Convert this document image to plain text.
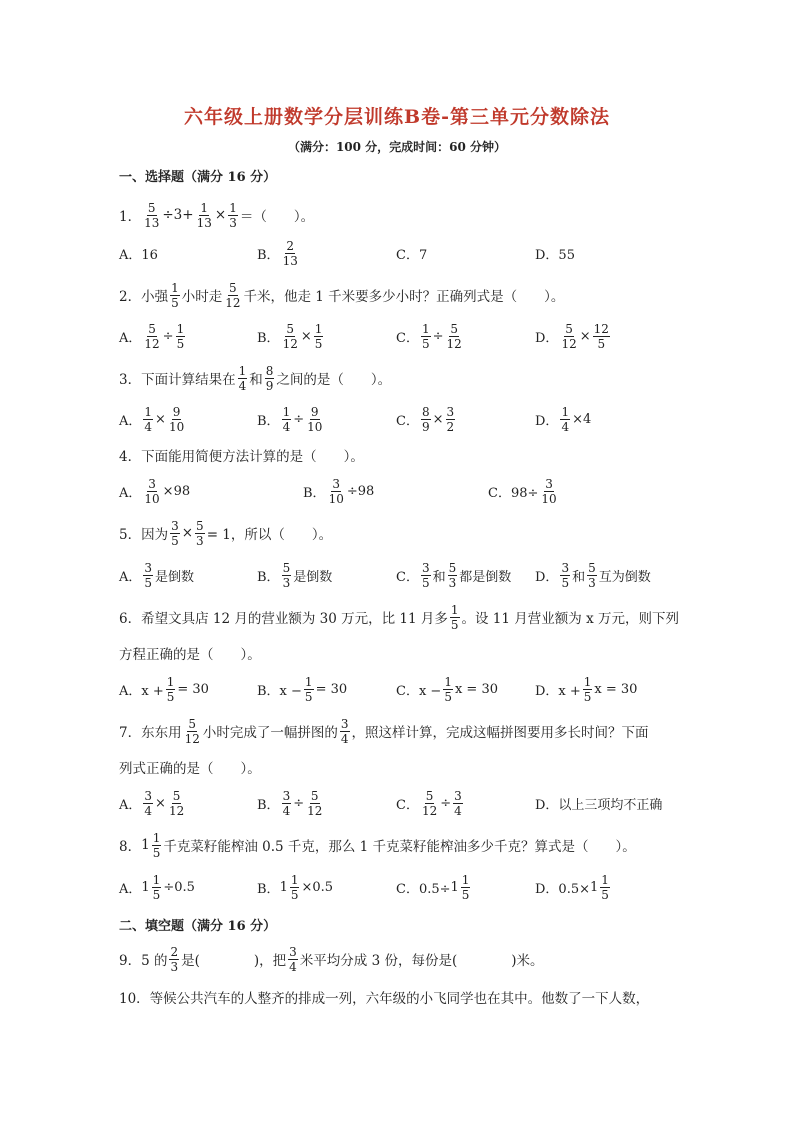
六年级上册数学分层训练B卷-第三单元分数除法
（满分：100 分，完成时间：60 分钟）
一、选择题（满分 16 分）
1． $\frac{5}{13} \div 3+ \frac{1}{13} \times \frac{1}{3}$ ＝（　　）。
A．16	B． $\frac{2}{13}$	C．7	D．55
2．小强 $\frac{1}{5}$ 小时走 $\frac{5}{12}$ 千米，他走 1 千米要多少小时？正确列式是（　　）。
A． $\frac{5}{12} \div \frac{1}{5}$	B． $\frac{5}{12} \times \frac{1}{5}$	C． $\frac{1}{5} \div \frac{5}{12}$	D． $\frac{5}{12} \times \frac{12}{5}$
3．下面计算结果在 $\frac{1}{4}$ 和 $\frac{8}{9}$ 之间的是（　　）。
A． $\frac{1}{4} \times \frac{9}{10}$	B． $\frac{1}{4} \div \frac{9}{10}$	C． $\frac{8}{9} \times \frac{3}{2}$	D． $\frac{1}{4} \times 4$
4．下面能用简便方法计算的是（　　）。
A． $\frac{3}{10} \times 98$	B． $\frac{3}{10} \div 98$	C．$98\div \frac{3}{10}$
5．因为 $\frac{3}{5} \times \frac{5}{3} = 1$，所以（　　）。
A． $\frac{3}{5}$ 是倒数	B． $\frac{5}{3}$ 是倒数	C． $\frac{3}{5}$ 和 $\frac{5}{3}$ 都是倒数 D． $\frac{3}{5}$ 和 $\frac{5}{3}$ 互为倒数
6．希望文具店 12 月的营业额为 30 万元，比 11 月多 $\frac{1}{5}$ 。设 11 月营业额为 x 万元，则下列
方程正确的是（　　）。
A．$x + \frac{1}{5} = 30$	B．$x - \frac{1}{5} = 30$	C．$x - \frac{1}{5}$ x = 30	D．$x + \frac{1}{5}$ x = 30
7．东东用 $\frac{5}{12}$ 小时完成了一幅拼图的 $\frac{3}{4}$ ，照这样计算，完成这幅拼图要用多长时间？下面
列式正确的是（　　）。
A． $\frac{3}{4} \times \frac{5}{12}$	B． $\frac{3}{4} \div \frac{5}{12}$	C． $\frac{5}{12} \div \frac{3}{4}$	D．以上三项均不正确
8． $1 \frac{1}{5}$ 千克菜籽能榨油 0.5 千克，那么 1 千克菜籽能榨油多少千克？算式是（　　）。
A． $1 \frac{1}{5} \div 0.5$	B． $1 \frac{1}{5} \times 0.5$	C．$0.5\div 1 \frac{1}{5}$	D．$0.5\times 1 \frac{1}{5}$
二、填空题（满分 16 分）
9．5 的 $\frac{2}{3}$ 是(　　　　)，把 $\frac{3}{4}$ 米平均分成 3 份，每份是(　　　　)米。
10．等候公共汽车的人整齐的排成一列，六年级的小飞同学也在其中。他数了一下人数，
